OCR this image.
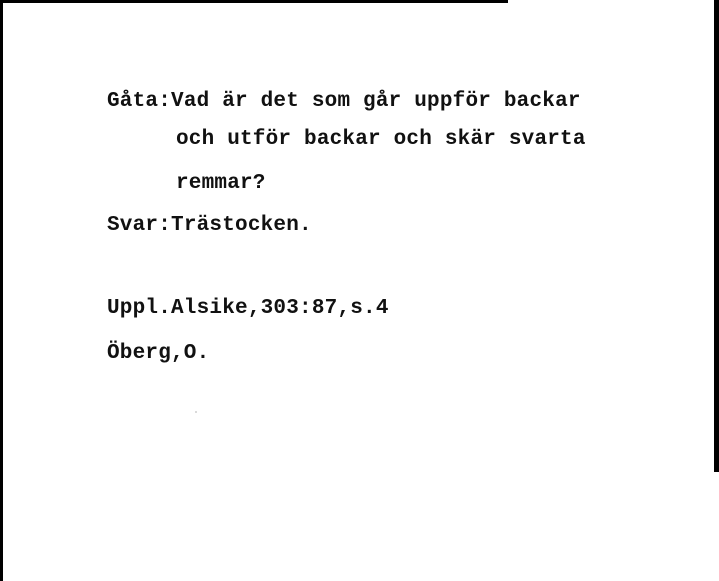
Gåta:Vad är det som går uppför backar
och utför backar och skär svarta
remmar?
Svar:Trästocken.
Uppl.Alsike,303:87,s.4
Öberg,O.
